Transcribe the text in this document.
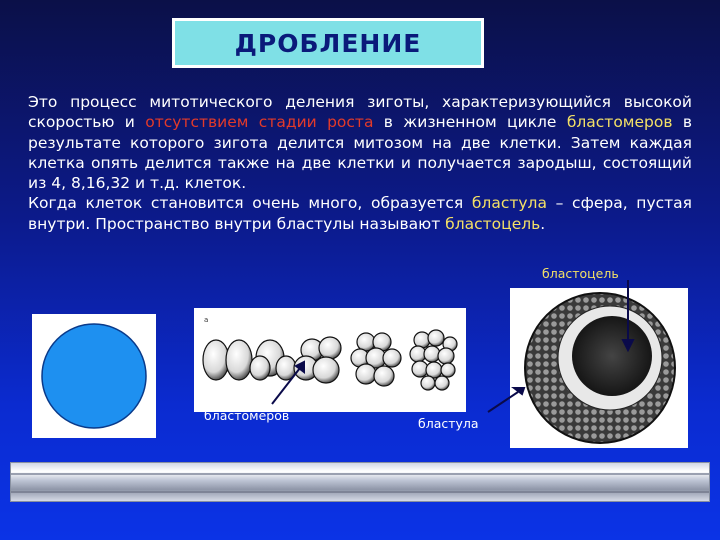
ДРОБЛЕНИЕ

Это процесс митотического деления зиготы, характеризующийся высокой скоростью и отсутствием стадии роста в жизненном цикле бластомеров в результате которого зигота делится митозом на две клетки. Затем каждая клетка опять делится также на две клетки и получается зародыш, состоящий из 4, 8,16,32 и т.д. клеток.

Когда клеток становится очень много, образуется бластула – сфера, пустая внутри. Пространство внутри бластулы называют бластоцель.

бластоцель
a
бластомеров
бластула
